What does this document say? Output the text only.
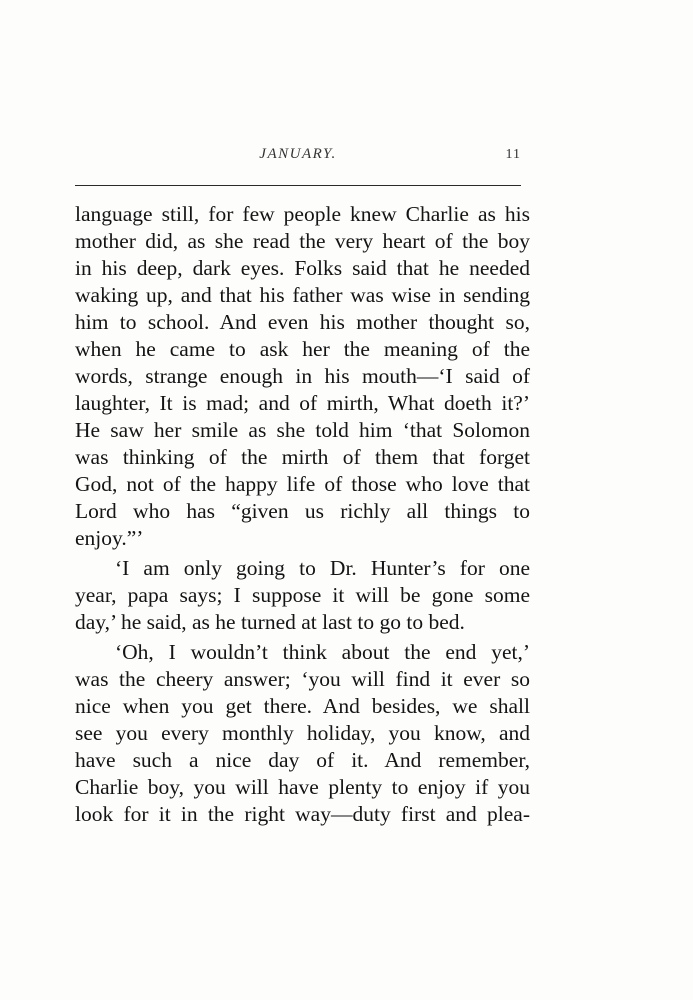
JANUARY.	11
language still, for few people knew Charlie as his
mother did, as she read the very heart of the boy
in his deep, dark eyes. Folks said that he needed
waking up, and that his father was wise in sending
him to school. And even his mother thought so,
when he came to ask her the meaning of the
words, strange enough in his mouth—‘I said of
laughter, It is mad; and of mirth, What doeth it?’
He saw her smile as she told him ‘that Solomon
was thinking of the mirth of them that forget
God, not of the happy life of those who love that
Lord who has “given us richly all things to
enjoy.”’
‘I am only going to Dr. Hunter’s for one
year, papa says; I suppose it will be gone some
day,’ he said, as he turned at last to go to bed.
‘Oh, I wouldn’t think about the end yet,’
was the cheery answer; ‘you will find it ever so
nice when you get there. And besides, we shall
see you every monthly holiday, you know, and
have such a nice day of it. And remember,
Charlie boy, you will have plenty to enjoy if you
look for it in the right way—duty first and plea-
